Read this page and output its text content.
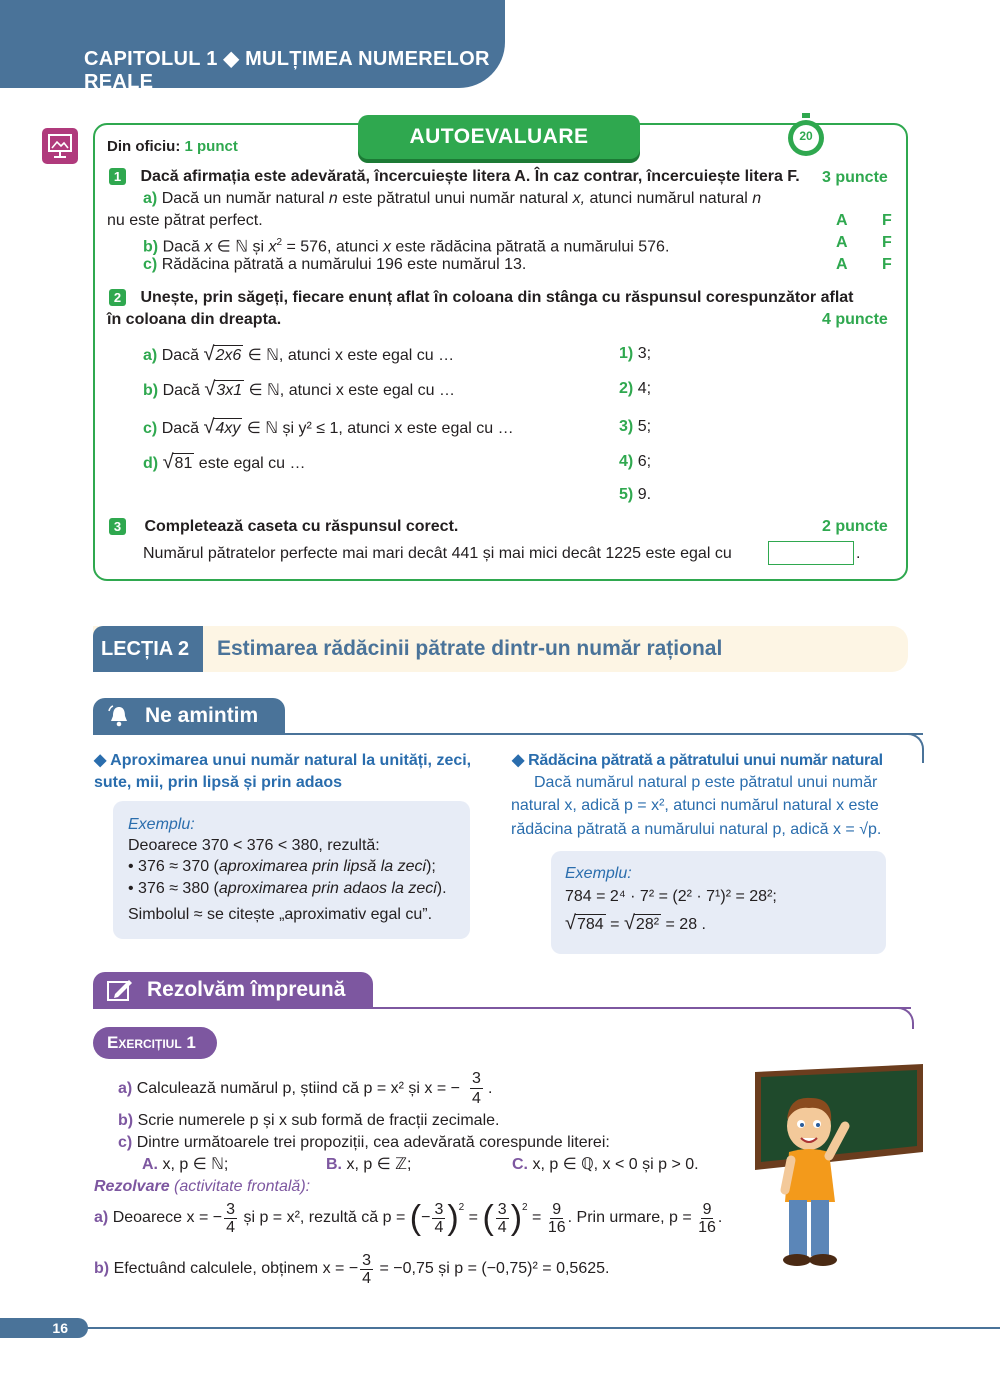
CAPITOLUL 1 ◆ MULȚIMEA NUMERELOR REALE
AUTOEVALUARE	20
Din oficiu: 1 punct
1 Dacă afirmația este adevărată, încercuiește litera A. În caz contrar, încercuiește litera F. 3 puncte
a) Dacă un număr natural n este pătratul unui număr natural x, atunci numărul natural n
nu este pătrat perfect.	A F
b) Dacă x ∈ ℕ și $x^2 = 576$, atunci x este rădăcina pătrată a numărului 576.	A F
c) Rădăcina pătrată a numărului 196 este numărul 13.	A F
2 Unește, prin săgeți, fiecare enunț aflat în coloana din stânga cu răspunsul corespunzător aflat
în coloana din dreapta.	4 puncte
a) Dacă √2x6 ∈ ℕ, atunci x este egal cu …
b) Dacă √3x1 ∈ ℕ, atunci x este egal cu …
c) Dacă √4xy ∈ ℕ și y² ≤ 1, atunci x este egal cu …
d) √81 este egal cu …
1) 3;
2) 4;
3) 5;
4) 6;
5) 9.
3 Completează caseta cu răspunsul corect.	2 puncte
Numărul pătratelor perfecte mai mari decât 441 și mai mici decât 1225 este egal cu	.
LECȚIA 2	Estimarea rădăcinii pătrate dintr-un număr rațional
Ne amintim
◆ Aproximarea unui număr natural la unități, zeci,
sute, mii, prin lipsă și prin adaos
Exemplu:
Deoarece 370 < 376 < 380, rezultă:
• 376 ≈ 370 (aproximarea prin lipsă la zeci);
• 376 ≈ 380 (aproximarea prin adaos la zeci).
Simbolul ≈ se citește „aproximativ egal cu”.
◆ Rădăcina pătrată a pătratului unui număr natural
Dacă numărul natural p este pătratul unui număr
natural x, adică p = x², atunci numărul natural x este
rădăcina pătrată a numărului natural p, adică x = √p.
Exemplu:
784 = 2⁴ · 7² = (2² · 7¹)² = 28²;
√784 = √28² = 28 .
Rezolvăm împreună
Exercițiul 1
a) Calculează numărul p, știind că p = x² și x = − $\frac{3}{4}$ .
b) Scrie numerele p și x sub formă de fracții zecimale.
c) Dintre următoarele trei propoziții, cea adevărată corespunde literei:
A. x, p ∈ ℕ;	B. x, p ∈ ℤ;	C. x, p ∈ ℚ, x < 0 și p > 0.
Rezolvare (activitate frontală):
a)
Deoarece x = − $\frac{3}{4}$
și p = x², rezultă că p =
( − $\frac{3}{4} )^2$
= ( $\frac{3}{4} )^2$
= $\frac{9}{16}$ . Prin urmare, p =
$\frac{9}{16}$ .
b)
Efectuând calculele, obținem x = − $\frac{3}{4}$
= −0,75 și p = (−0,75)² = 0,5625.
16
